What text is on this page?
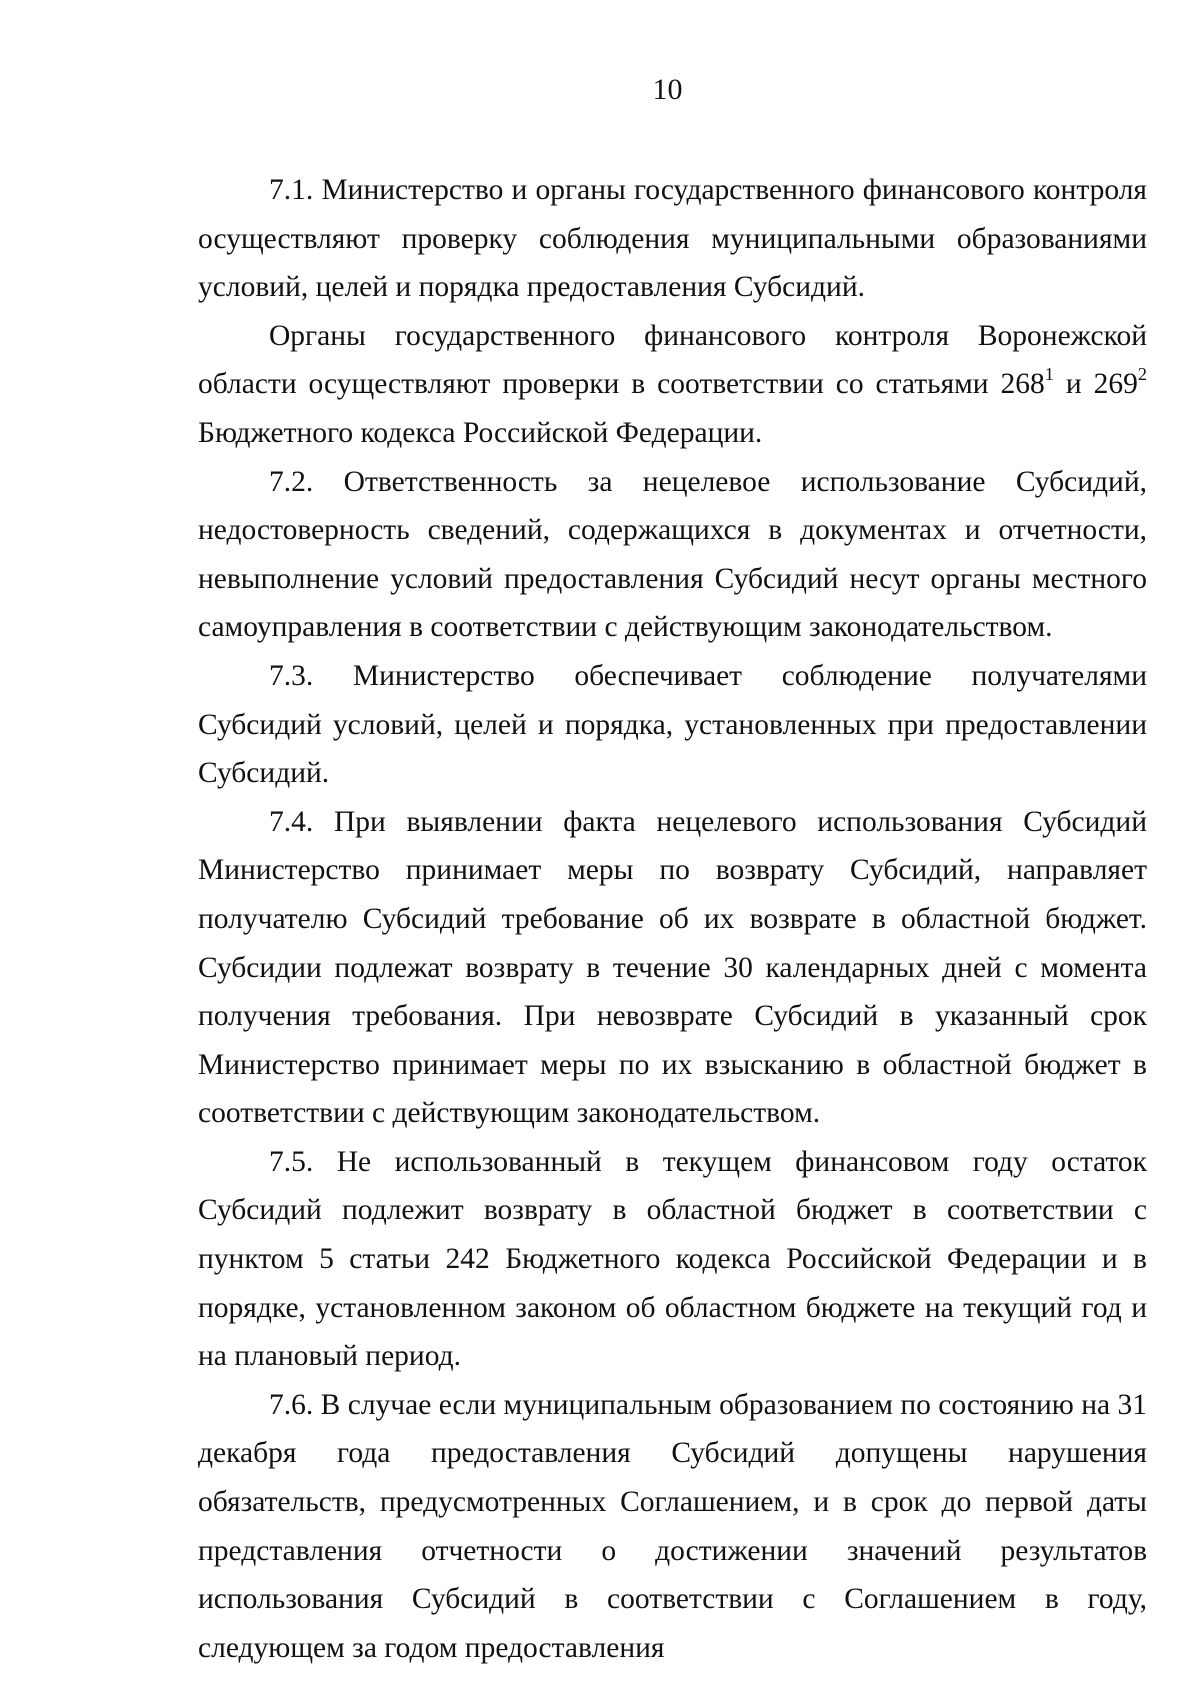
10

7.1. Министерство и органы государственного финансового контроля осуществляют проверку соблюдения муниципальными образованиями условий, целей и порядка предоставления Субсидий.

Органы государственного финансового контроля Воронежской области осуществляют проверки в соответствии со статьями $268^1$ и $269^2$ Бюджетного кодекса Российской Федерации.

7.2. Ответственность за нецелевое использование Субсидий, недостоверность сведений, содержащихся в документах и отчетности, невыполнение условий предоставления Субсидий несут органы местного самоуправления в соответствии с действующим законодательством.

7.3. Министерство обеспечивает соблюдение получателями Субсидий условий, целей и порядка, установленных при предоставлении Субсидий.

7.4. При выявлении факта нецелевого использования Субсидий Министерство принимает меры по возврату Субсидий, направляет получателю Субсидий требование об их возврате в областной бюджет. Субсидии подлежат возврату в течение 30 календарных дней с момента получения требования. При невозврате Субсидий в указанный срок Министерство принимает меры по их взысканию в областной бюджет в соответствии с действующим законодательством.

7.5. Не использованный в текущем финансовом году остаток Субсидий подлежит возврату в областной бюджет в соответствии с пунктом 5 статьи 242 Бюджетного кодекса Российской Федерации и в порядке, установленном законом об областном бюджете на текущий год и на плановый период.

7.6. В случае если муниципальным образованием по состоянию на 31 декабря года предоставления Субсидий допущены нарушения обязательств, предусмотренных Соглашением, и в срок до первой даты представления отчетности о достижении значений результатов использования Субсидий в соответствии с Соглашением в году, следующем за годом предоставления
